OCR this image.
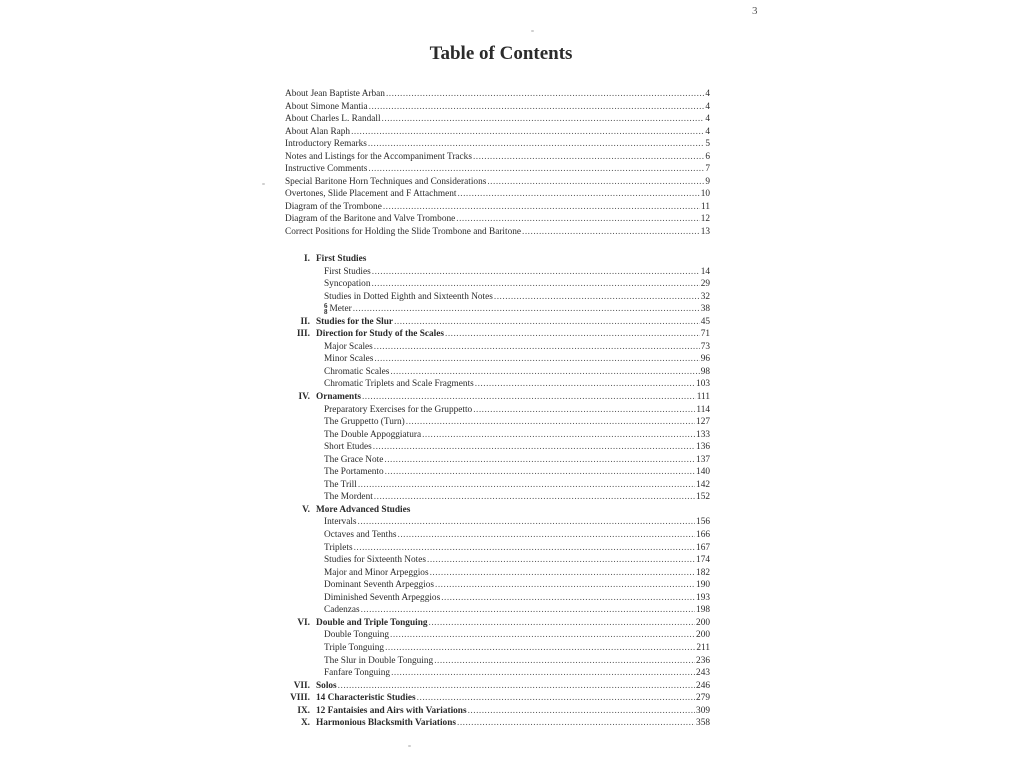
3
Table of Contents
About Jean Baptiste Arban .....	4
About Simone Mantia .....	4
About Charles L. Randall .....	4
About Alan Raph .....	4
Introductory Remarks .....	5
Notes and Listings for the Accompaniment Tracks .....	6
Instructive Comments .....	7
Special Baritone Horn Techniques and Considerations .....	9
Overtones, Slide Placement and F Attachment .....	10
Diagram of the Trombone .....	11
Diagram of the Baritone and Valve Trombone .....	12
Correct Positions for Holding the Slide Trombone and Baritone .....	13
I. First Studies
First Studies .....	14
Syncopation .....	29
Studies in Dotted Eighth and Sixteenth Notes .....	32
6
8 Meter .....	38
II. Studies for the Slur .....	45
III. Direction for Study of the Scales .....	71
Major Scales .....	73
Minor Scales .....	96
Chromatic Scales .....	98
Chromatic Triplets and Scale Fragments .....	103
IV. Ornaments .....	111
Preparatory Exercises for the Gruppetto .....	114
The Gruppetto (Turn) .....	127
The Double Appoggiatura .....	133
Short Etudes .....	136
The Grace Note .....	137
The Portamento .....	140
The Trill .....	142
The Mordent .....	152
V. More Advanced Studies
Intervals .....	156
Octaves and Tenths .....	166
Triplets .....	167
Studies for Sixteenth Notes .....	174
Major and Minor Arpeggios .....	182
Dominant Seventh Arpeggios .....	190
Diminished Seventh Arpeggios .....	193
Cadenzas .....	198
VI. Double and Triple Tonguing .....	200
Double Tonguing .....	200
Triple Tonguing .....	211
The Slur in Double Tonguing .....	236
Fanfare Tonguing .....	243
VII. Solos .....	246
VIII. 14 Characteristic Studies .....	279
IX. 12 Fantaisies and Airs with Variations .....	309
X. Harmonious Blacksmith Variations .....	358
